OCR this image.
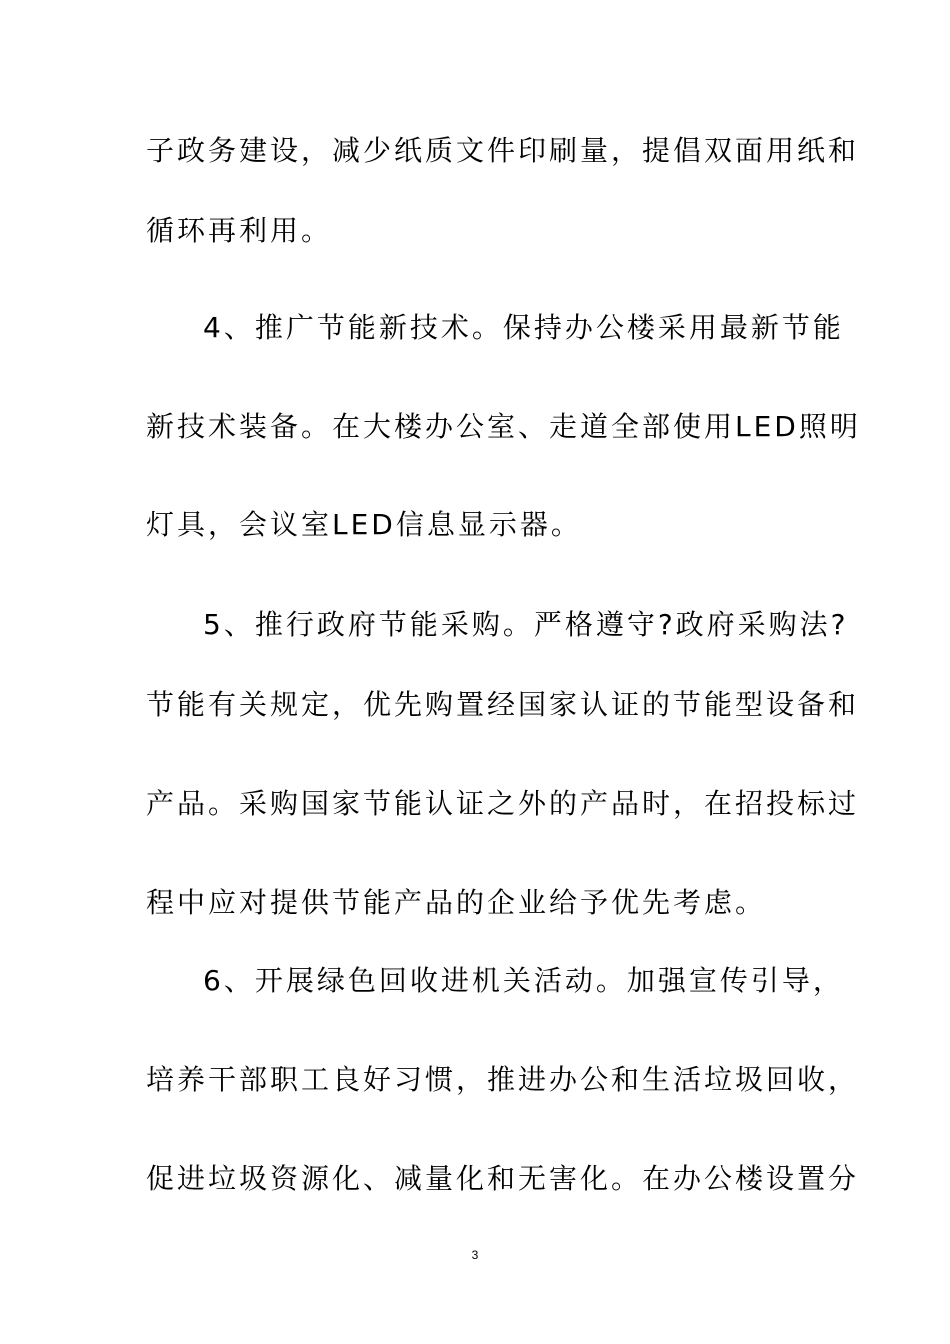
子政务建设，减少纸质文件印刷量，提倡双面用纸和
循环再利用。
4、推广节能新技术。保持办公楼采用最新节能
新技术装备。在大楼办公室、走道全部使用LED照明
灯具，会议室LED信息显示器。
5、推行政府节能采购。严格遵守?政府采购法?
节能有关规定，优先购置经国家认证的节能型设备和
产品。采购国家节能认证之外的产品时，在招投标过
程中应对提供节能产品的企业给予优先考虑。
6、开展绿色回收进机关活动。加强宣传引导，
培养干部职工良好习惯，推进办公和生活垃圾回收，
促进垃圾资源化、减量化和无害化。在办公楼设置分
3
